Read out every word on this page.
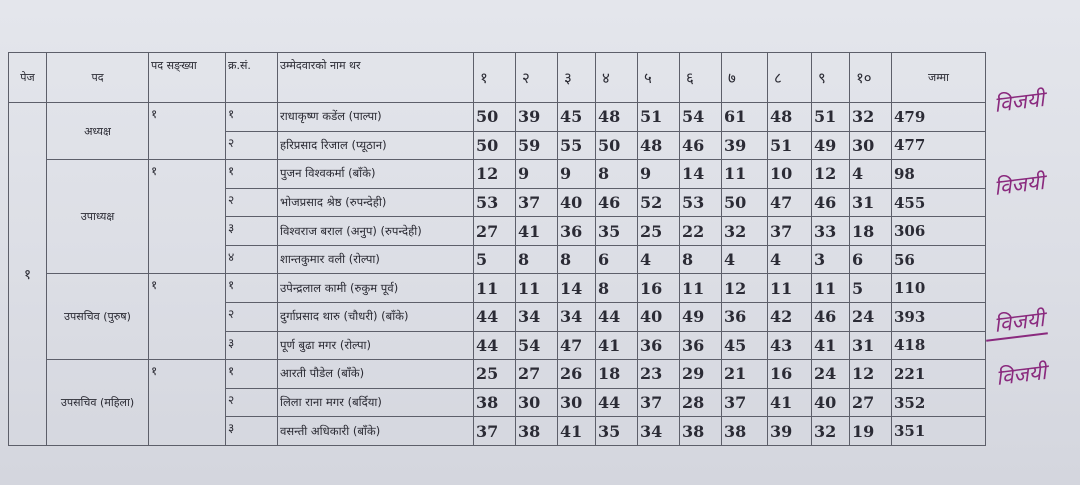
पेज	पद	पद सङ्ख्या	क्र.सं.	उम्मेदवारको नाम थर	१	२	३	४	५	६	७	८	९	१०	जम्मा
१	अध्यक्ष	१	१	राधाकृष्ण कडेंल (पाल्पा)	50	39	45	48	51	54	61	48	51	32	479
			२	हरिप्रसाद रिजाल (प्यूठान)	50	59	55	50	48	46	39	51	49	30	477
	उपाध्यक्ष	१	१	पुजन विश्वकर्मा (बाँके)	12	9	9	8	9	14	11	10	12	4	98
			२	भोजप्रसाद श्रेष्ठ (रुपन्देही)	53	37	40	46	52	53	50	47	46	31	455
			३	विश्वराज बराल (अनुप) (रुपन्देही)	27	41	36	35	25	22	32	37	33	18	306
			४	शान्तकुमार वली (रोल्पा)	5	8	8	6	4	8	4	4	3	6	56
	उपसचिव (पुरुष)	१	१	उपेन्द्रलाल कामी (रुकुम पूर्व)	11	11	14	8	16	11	12	11	11	5	110
			२	दुर्गाप्रसाद थारु (चौधरी) (बाँके)	44	34	34	44	40	49	36	42	46	24	393
			३	पूर्ण बुढा मगर (रोल्पा)	44	54	47	41	36	36	45	43	41	31	418
	उपसचिव (महिला)	१	१	आरती पौडेल (बाँके)	25	27	26	18	23	29	21	16	24	12	221
			२	लिला राना मगर (बर्दिया)	38	30	30	44	37	28	37	41	40	27	352
			३	वसन्ती अधिकारी (बाँके)	37	38	41	35	34	38	38	39	32	19	351
विजयी
विजयी
विजयी
विजयी
